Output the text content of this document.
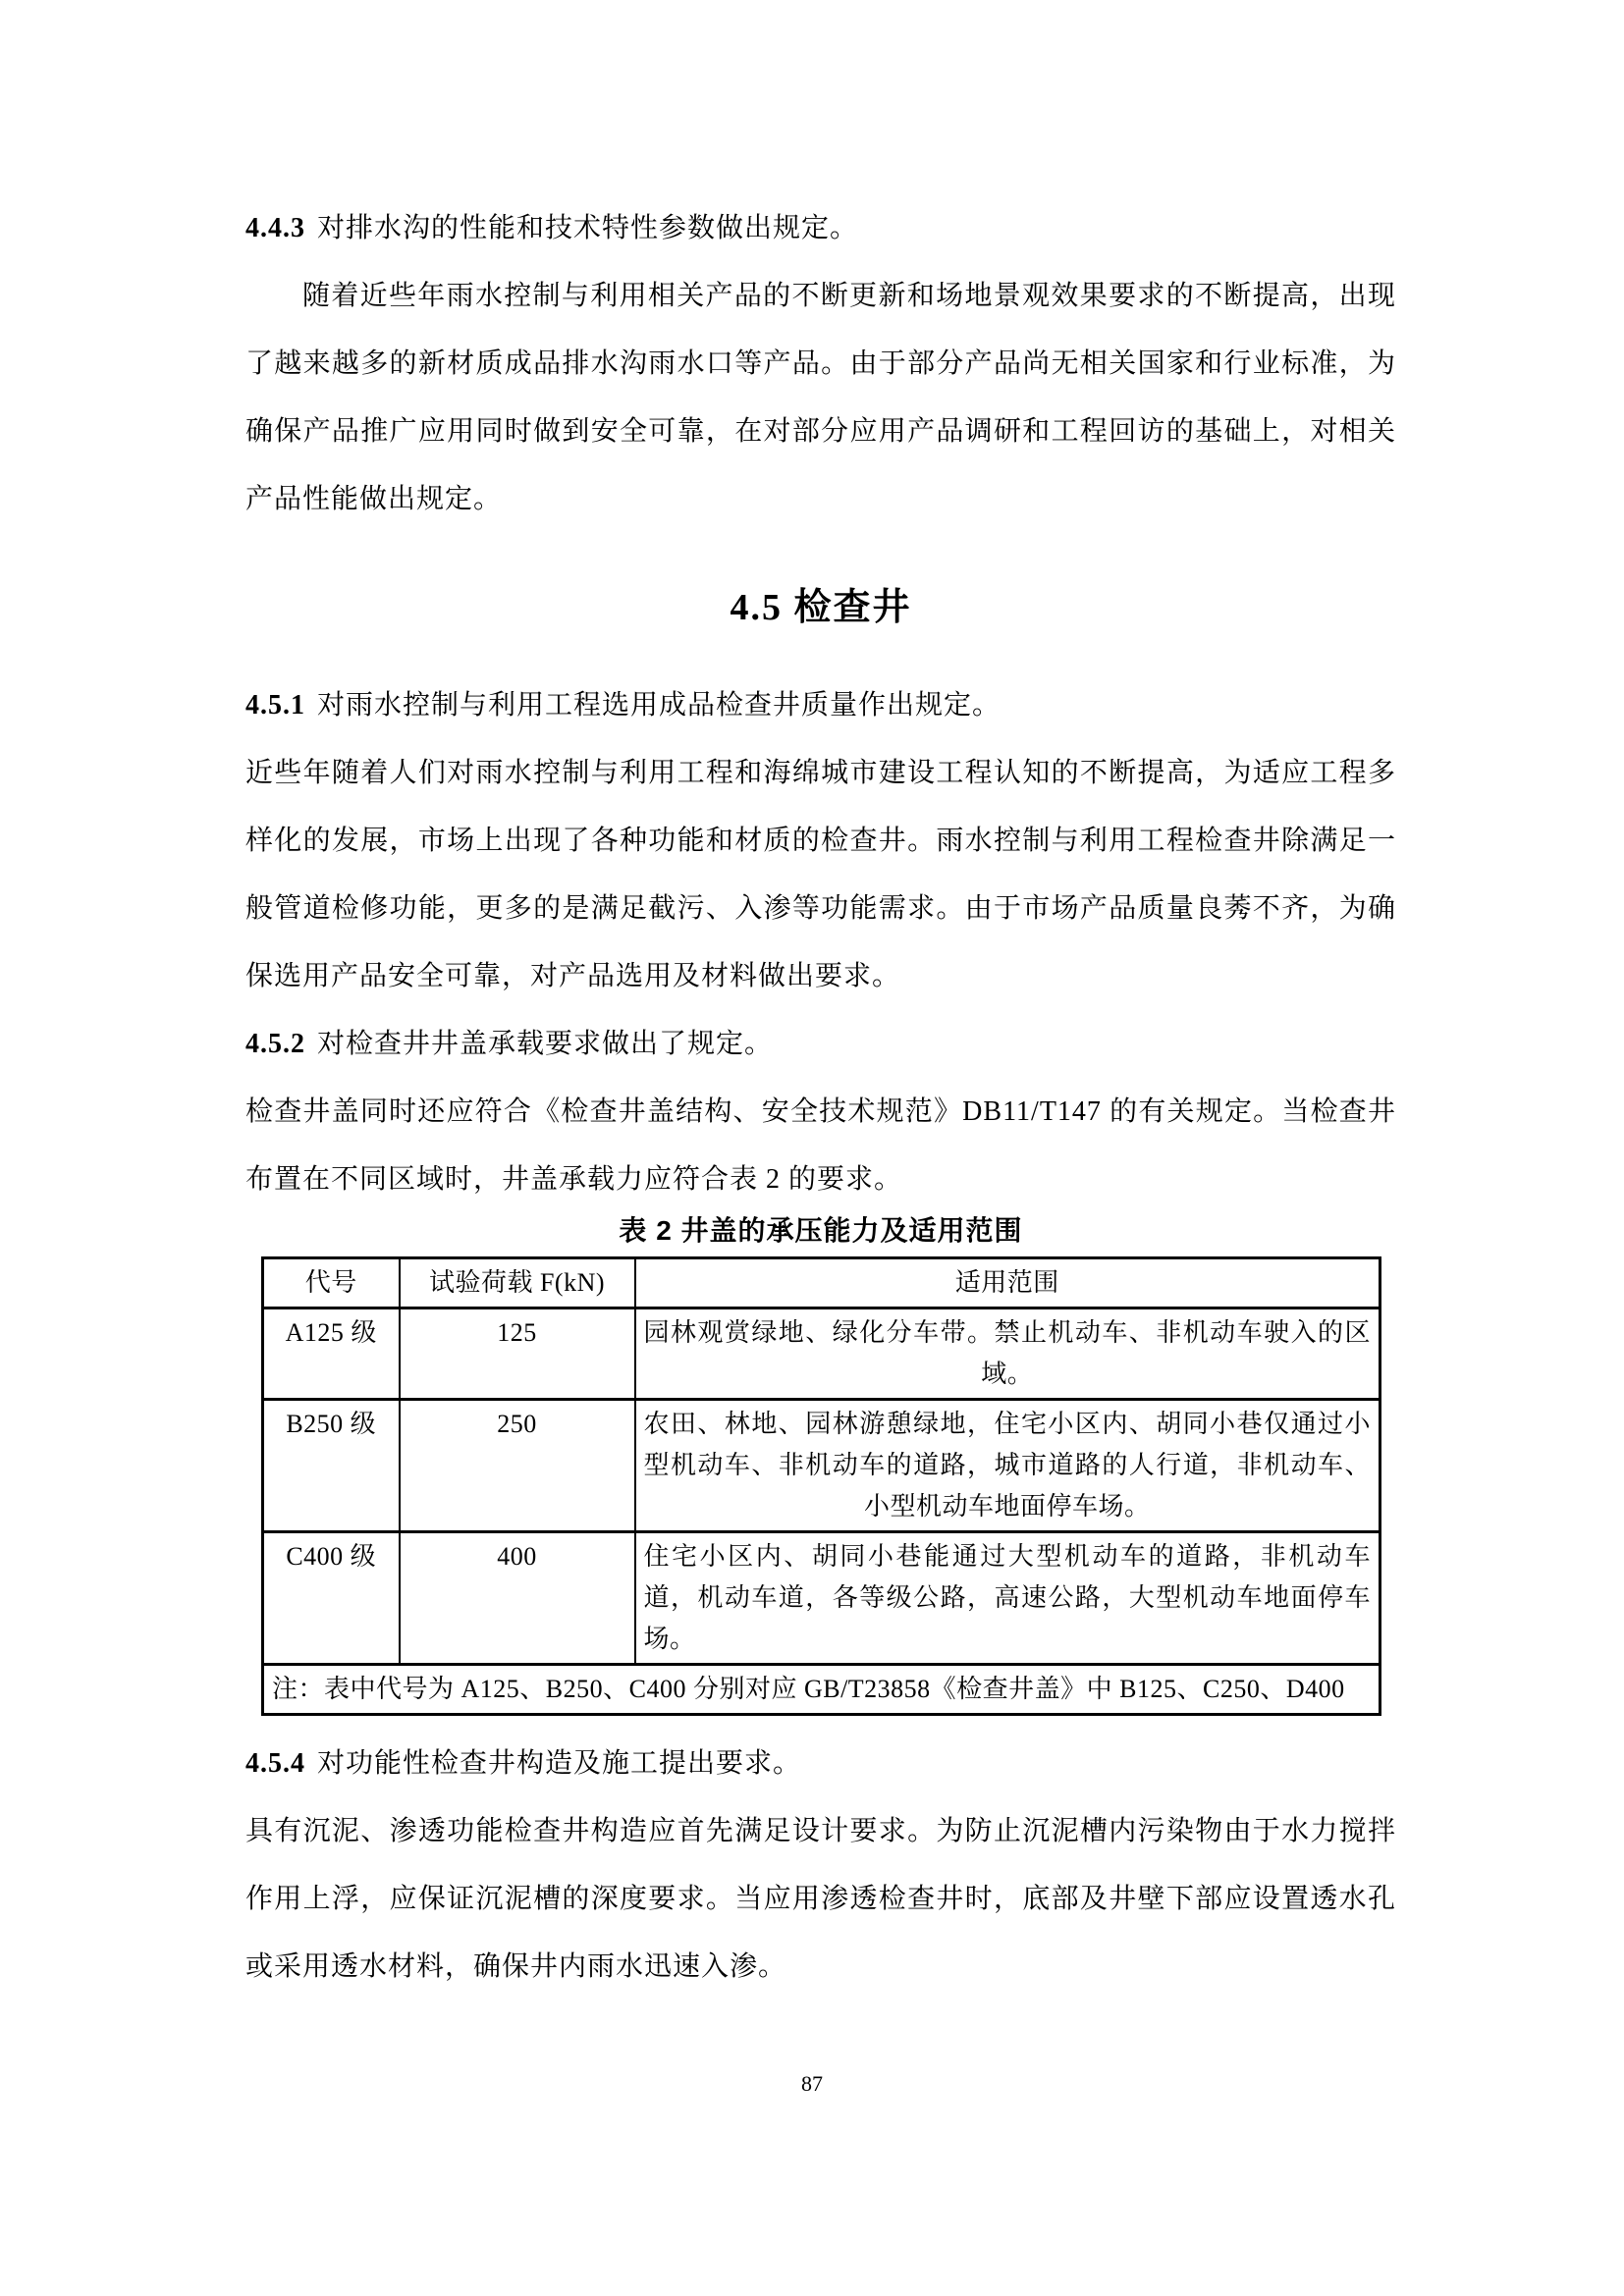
4.4.3 对排水沟的性能和技术特性参数做出规定。

随着近些年雨水控制与利用相关产品的不断更新和场地景观效果要求的不断提高，出现了越来越多的新材质成品排水沟雨水口等产品。由于部分产品尚无相关国家和行业标准，为确保产品推广应用同时做到安全可靠，在对部分应用产品调研和工程回访的基础上，对相关产品性能做出规定。

4.5 检查井

4.5.1 对雨水控制与利用工程选用成品检查井质量作出规定。

近些年随着人们对雨水控制与利用工程和海绵城市建设工程认知的不断提高，为适应工程多样化的发展，市场上出现了各种功能和材质的检查井。雨水控制与利用工程检查井除满足一般管道检修功能，更多的是满足截污、入渗等功能需求。由于市场产品质量良莠不齐，为确保选用产品安全可靠，对产品选用及材料做出要求。

4.5.2 对检查井井盖承载要求做出了规定。

检查井盖同时还应符合《检查井盖结构、安全技术规范》DB11/T147 的有关规定。当检查井布置在不同区域时，井盖承载力应符合表 2 的要求。

表 2 井盖的承压能力及适用范围

代号	试验荷载 F(kN)	适用范围
A125 级	125	园林观赏绿地、绿化分车带。禁止机动车、非机动车驶入的区域。
B250 级	250	农田、林地、园林游憩绿地，住宅小区内、胡同小巷仅通过小型机动车、非机动车的道路，城市道路的人行道，非机动车、小型机动车地面停车场。
C400 级	400	住宅小区内、胡同小巷能通过大型机动车的道路，非机动车道，机动车道，各等级公路，高速公路，大型机动车地面停车场。
注：表中代号为 A125、B250、C400 分别对应 GB/T23858《检查井盖》中 B125、C250、D400		

4.5.4 对功能性检查井构造及施工提出要求。

具有沉泥、渗透功能检查井构造应首先满足设计要求。为防止沉泥槽内污染物由于水力搅拌作用上浮，应保证沉泥槽的深度要求。当应用渗透检查井时，底部及井壁下部应设置透水孔或采用透水材料，确保井内雨水迅速入渗。

87
